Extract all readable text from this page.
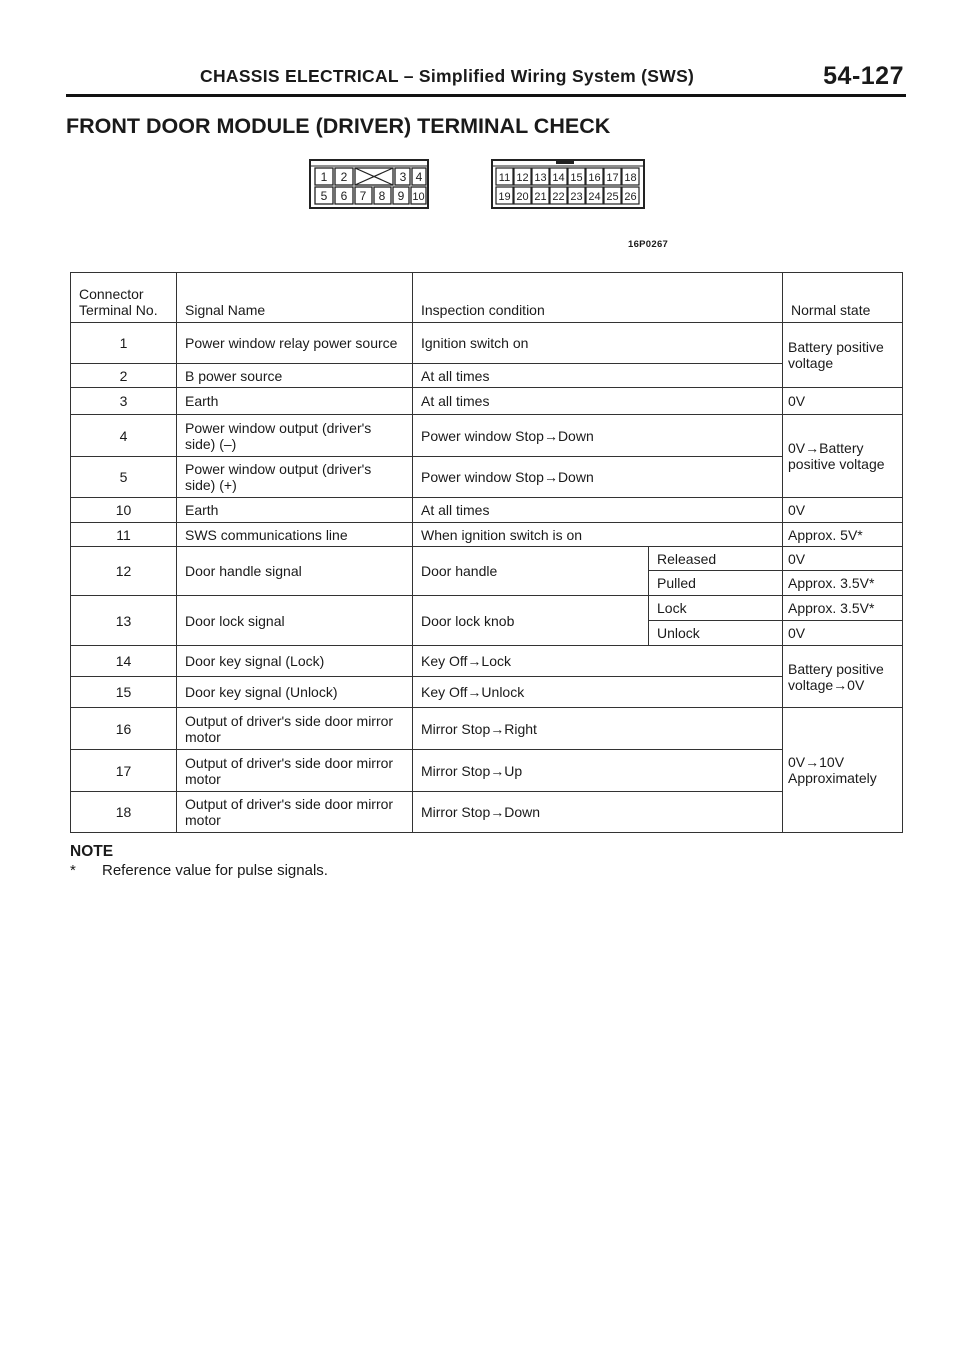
CHASSIS ELECTRICAL – Simplified Wiring System (SWS)	54-127
FRONT DOOR MODULE (DRIVER) TERMINAL CHECK
1 2	3 4
5 6 7 8 9 10
11 12 13 14 15 16 17 18
19 20 21 22 23 24 25 26
16P0267
Connector Terminal No.	Signal Name	Inspection condition		Normal state
1	Power window relay power source	Ignition switch on		Battery positive voltage
2	B power source	At all times		
3	Earth	At all times		0V
4	Power window output (driver's side) (–)	Power window Stop→Down		0V→Battery positive voltage
5	Power window output (driver's side) (+)	Power window Stop→Down		
10	Earth	At all times		0V
11	SWS communications line	When ignition switch is on		Approx. 5V*
12	Door handle signal	Door handle	Released	0V
			Pulled	Approx. 3.5V*
13	Door lock signal	Door lock knob	Lock	Approx. 3.5V*
			Unlock	0V
14	Door key signal (Lock)	Key Off→Lock		Battery positive voltage→0V
15	Door key signal (Unlock)	Key Off→Unlock		
16	Output of driver's side door mirror motor	Mirror Stop→Right		0V→10V Approximately
17	Output of driver's side door mirror motor	Mirror Stop→Up		
18	Output of driver's side door mirror motor	Mirror Stop→Down		
NOTE
* Reference value for pulse signals.
